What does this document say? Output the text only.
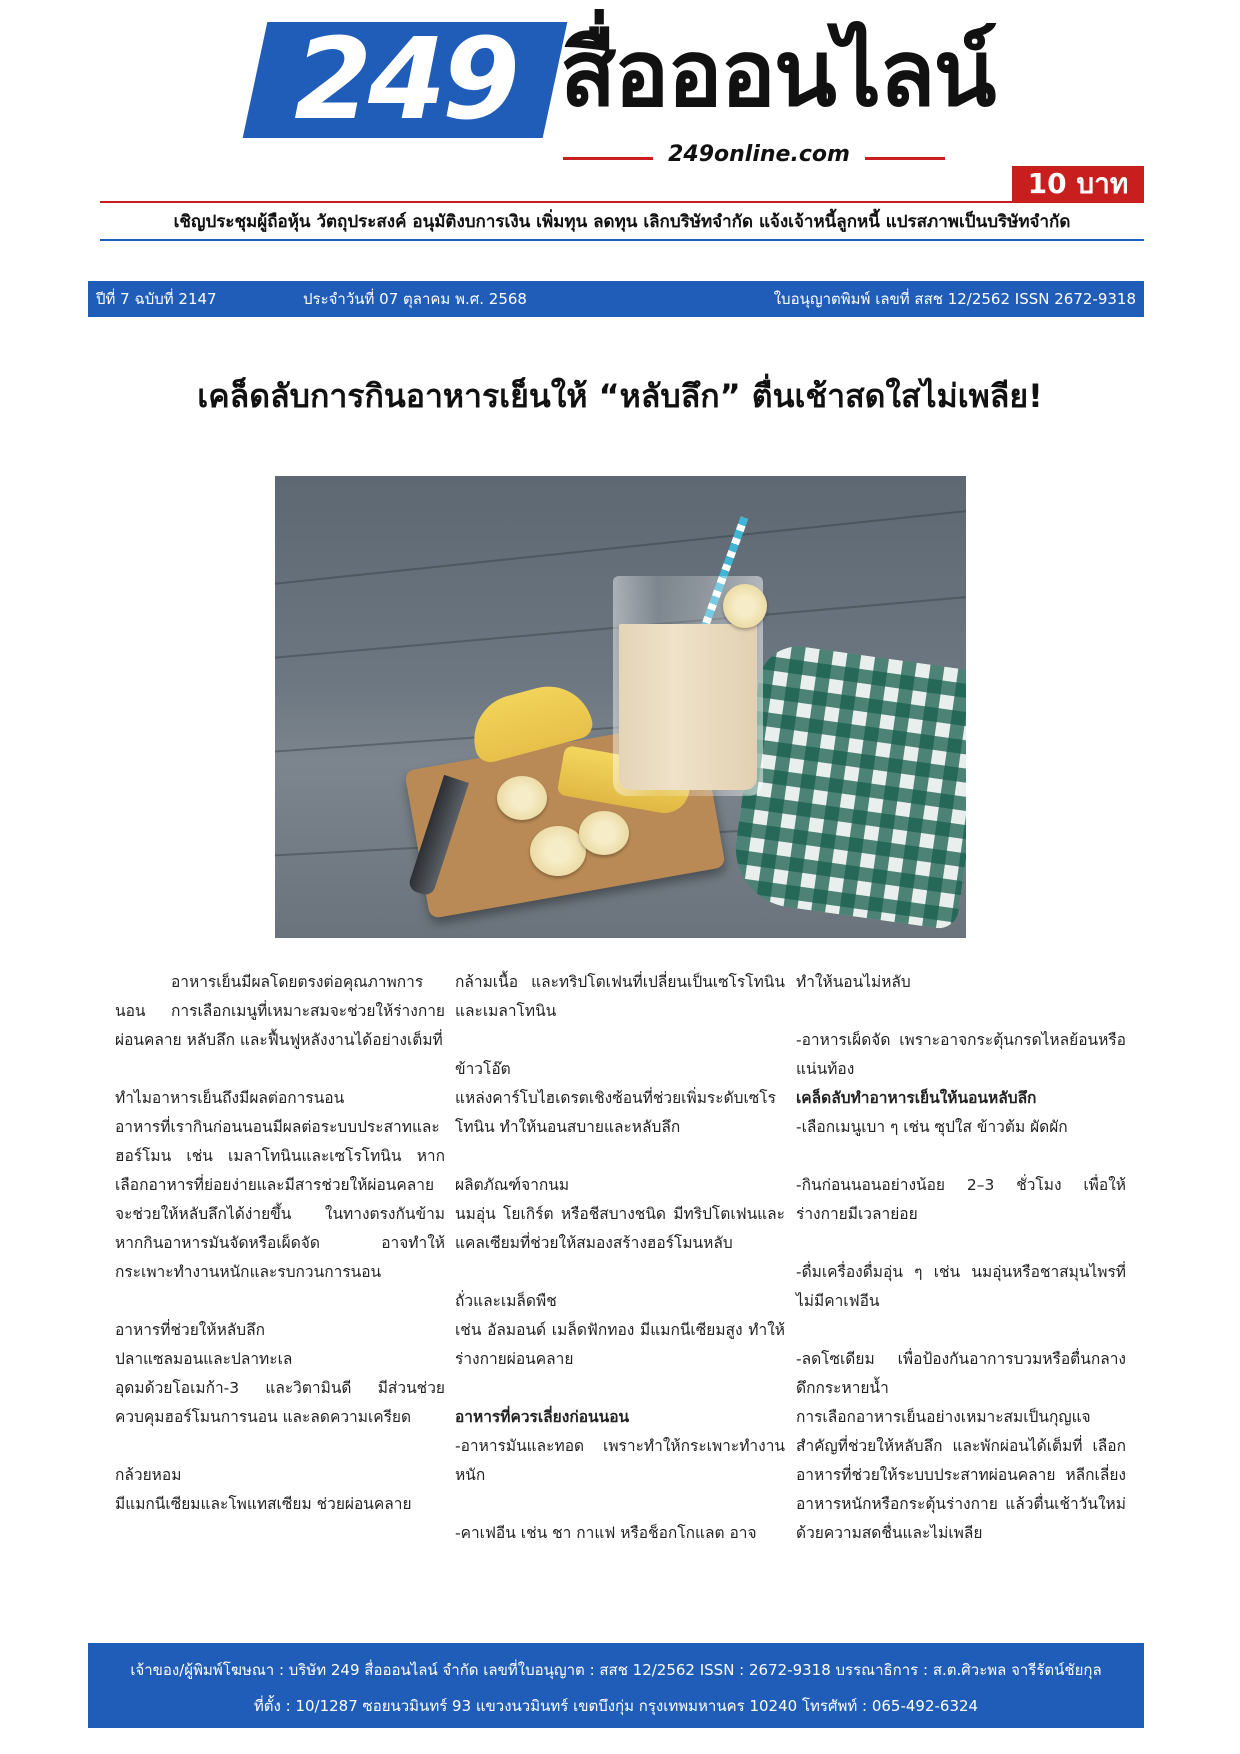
249 สื่อออนไลน์
249online.com
10 บาท
เชิญประชุมผู้ถือหุ้น วัตถุประสงค์ อนุมัติงบการเงิน เพิ่มทุน ลดทุน เลิกบริษัทจำกัด แจ้งเจ้าหนี้ลูกหนี้ แปรสภาพเป็นบริษัทจำกัด
ปีที่ 7 ฉบับที่ 2147	ประจำวันที่ 07 ตุลาคม พ.ศ. 2568	ใบอนุญาตพิมพ์ เลขที่ สสช 12/2562 ISSN 2672-9318
เคล็ดลับการกินอาหารเย็นให้ “หลับลึก” ตื่นเช้าสดใสไม่เพลีย!

อาหารเย็นมีผลโดยตรงต่อคุณภาพการนอน การเลือกเมนูที่เหมาะสมจะช่วยให้ร่างกายผ่อนคลาย หลับลึก และฟื้นฟูหลังงานได้อย่างเต็มที่

ทำไมอาหารเย็นถึงมีผลต่อการนอน

อาหารที่เรากินก่อนนอนมีผลต่อระบบประสาทและฮอร์โมน เช่น เมลาโทนินและเซโรโทนิน หากเลือกอาหารที่ย่อยง่ายและมีสารช่วยให้ผ่อนคลาย จะช่วยให้หลับลึกได้ง่ายขึ้น ในทางตรงกันข้าม หากกินอาหารมันจัดหรือเผ็ดจัด อาจทำให้กระเพาะทำงานหนักและรบกวนการนอน

อาหารที่ช่วยให้หลับลึก

ปลาแซลมอนและปลาทะเล

อุดมด้วยโอเมก้า-3 และวิตามินดี มีส่วนช่วยควบคุมฮอร์โมนการนอน และลดความเครียด

กล้วยหอม

มีแมกนีเซียมและโพแทสเซียม ช่วยผ่อนคลาย

กล้ามเนื้อ และทริปโตเฟนที่เปลี่ยนเป็นเซโรโทนินและเมลาโทนิน

ข้าวโอ๊ต

แหล่งคาร์โบไฮเดรตเชิงซ้อนที่ช่วยเพิ่มระดับเซโรโทนิน ทำให้นอนสบายและหลับลึก

ผลิตภัณฑ์จากนม

นมอุ่น โยเกิร์ต หรือชีสบางชนิด มีทริปโตเฟนและแคลเซียมที่ช่วยให้สมองสร้างฮอร์โมนหลับ

ถั่วและเมล็ดพืช

เช่น อัลมอนด์ เมล็ดฟักทอง มีแมกนีเซียมสูง ทำให้ร่างกายผ่อนคลาย

อาหารที่ควรเลี่ยงก่อนนอน

-อาหารมันและทอด เพราะทำให้กระเพาะทำงานหนัก

-คาเฟอีน เช่น ชา กาแฟ หรือช็อกโกแลต อาจ

ทำให้นอนไม่หลับ

-อาหารเผ็ดจัด เพราะอาจกระตุ้นกรดไหลย้อนหรือแน่นท้อง

เคล็ดลับทำอาหารเย็นให้นอนหลับลึก

-เลือกเมนูเบา ๆ เช่น ซุปใส ข้าวต้ม ผัดผัก

-กินก่อนนอนอย่างน้อย 2–3 ชั่วโมง เพื่อให้ร่างกายมีเวลาย่อย

-ดื่มเครื่องดื่มอุ่น ๆ เช่น นมอุ่นหรือชาสมุนไพรที่ไม่มีคาเฟอีน

-ลดโซเดียม เพื่อป้องกันอาการบวมหรือตื่นกลางดึกกระหายน้ำ

การเลือกอาหารเย็นอย่างเหมาะสมเป็นกุญแจสำคัญที่ช่วยให้หลับลึก และพักผ่อนได้เต็มที่ เลือกอาหารที่ช่วยให้ระบบประสาทผ่อนคลาย หลีกเลี่ยงอาหารหนักหรือกระตุ้นร่างกาย แล้วตื่นเช้าวันใหม่ด้วยความสดชื่นและไม่เพลีย

เจ้าของ/ผู้พิมพ์โฆษณา : บริษัท 249 สื่อออนไลน์ จำกัด เลขที่ใบอนุญาต : สสช 12/2562 ISSN : 2672-9318 บรรณาธิการ : ส.ต.ศิวะพล จารีรัตน์ชัยกุล
ที่ตั้ง : 10/1287 ซอยนวมินทร์ 93 แขวงนวมินทร์ เขตบึงกุ่ม กรุงเทพมหานคร 10240 โทรศัพท์ : 065-492-6324
